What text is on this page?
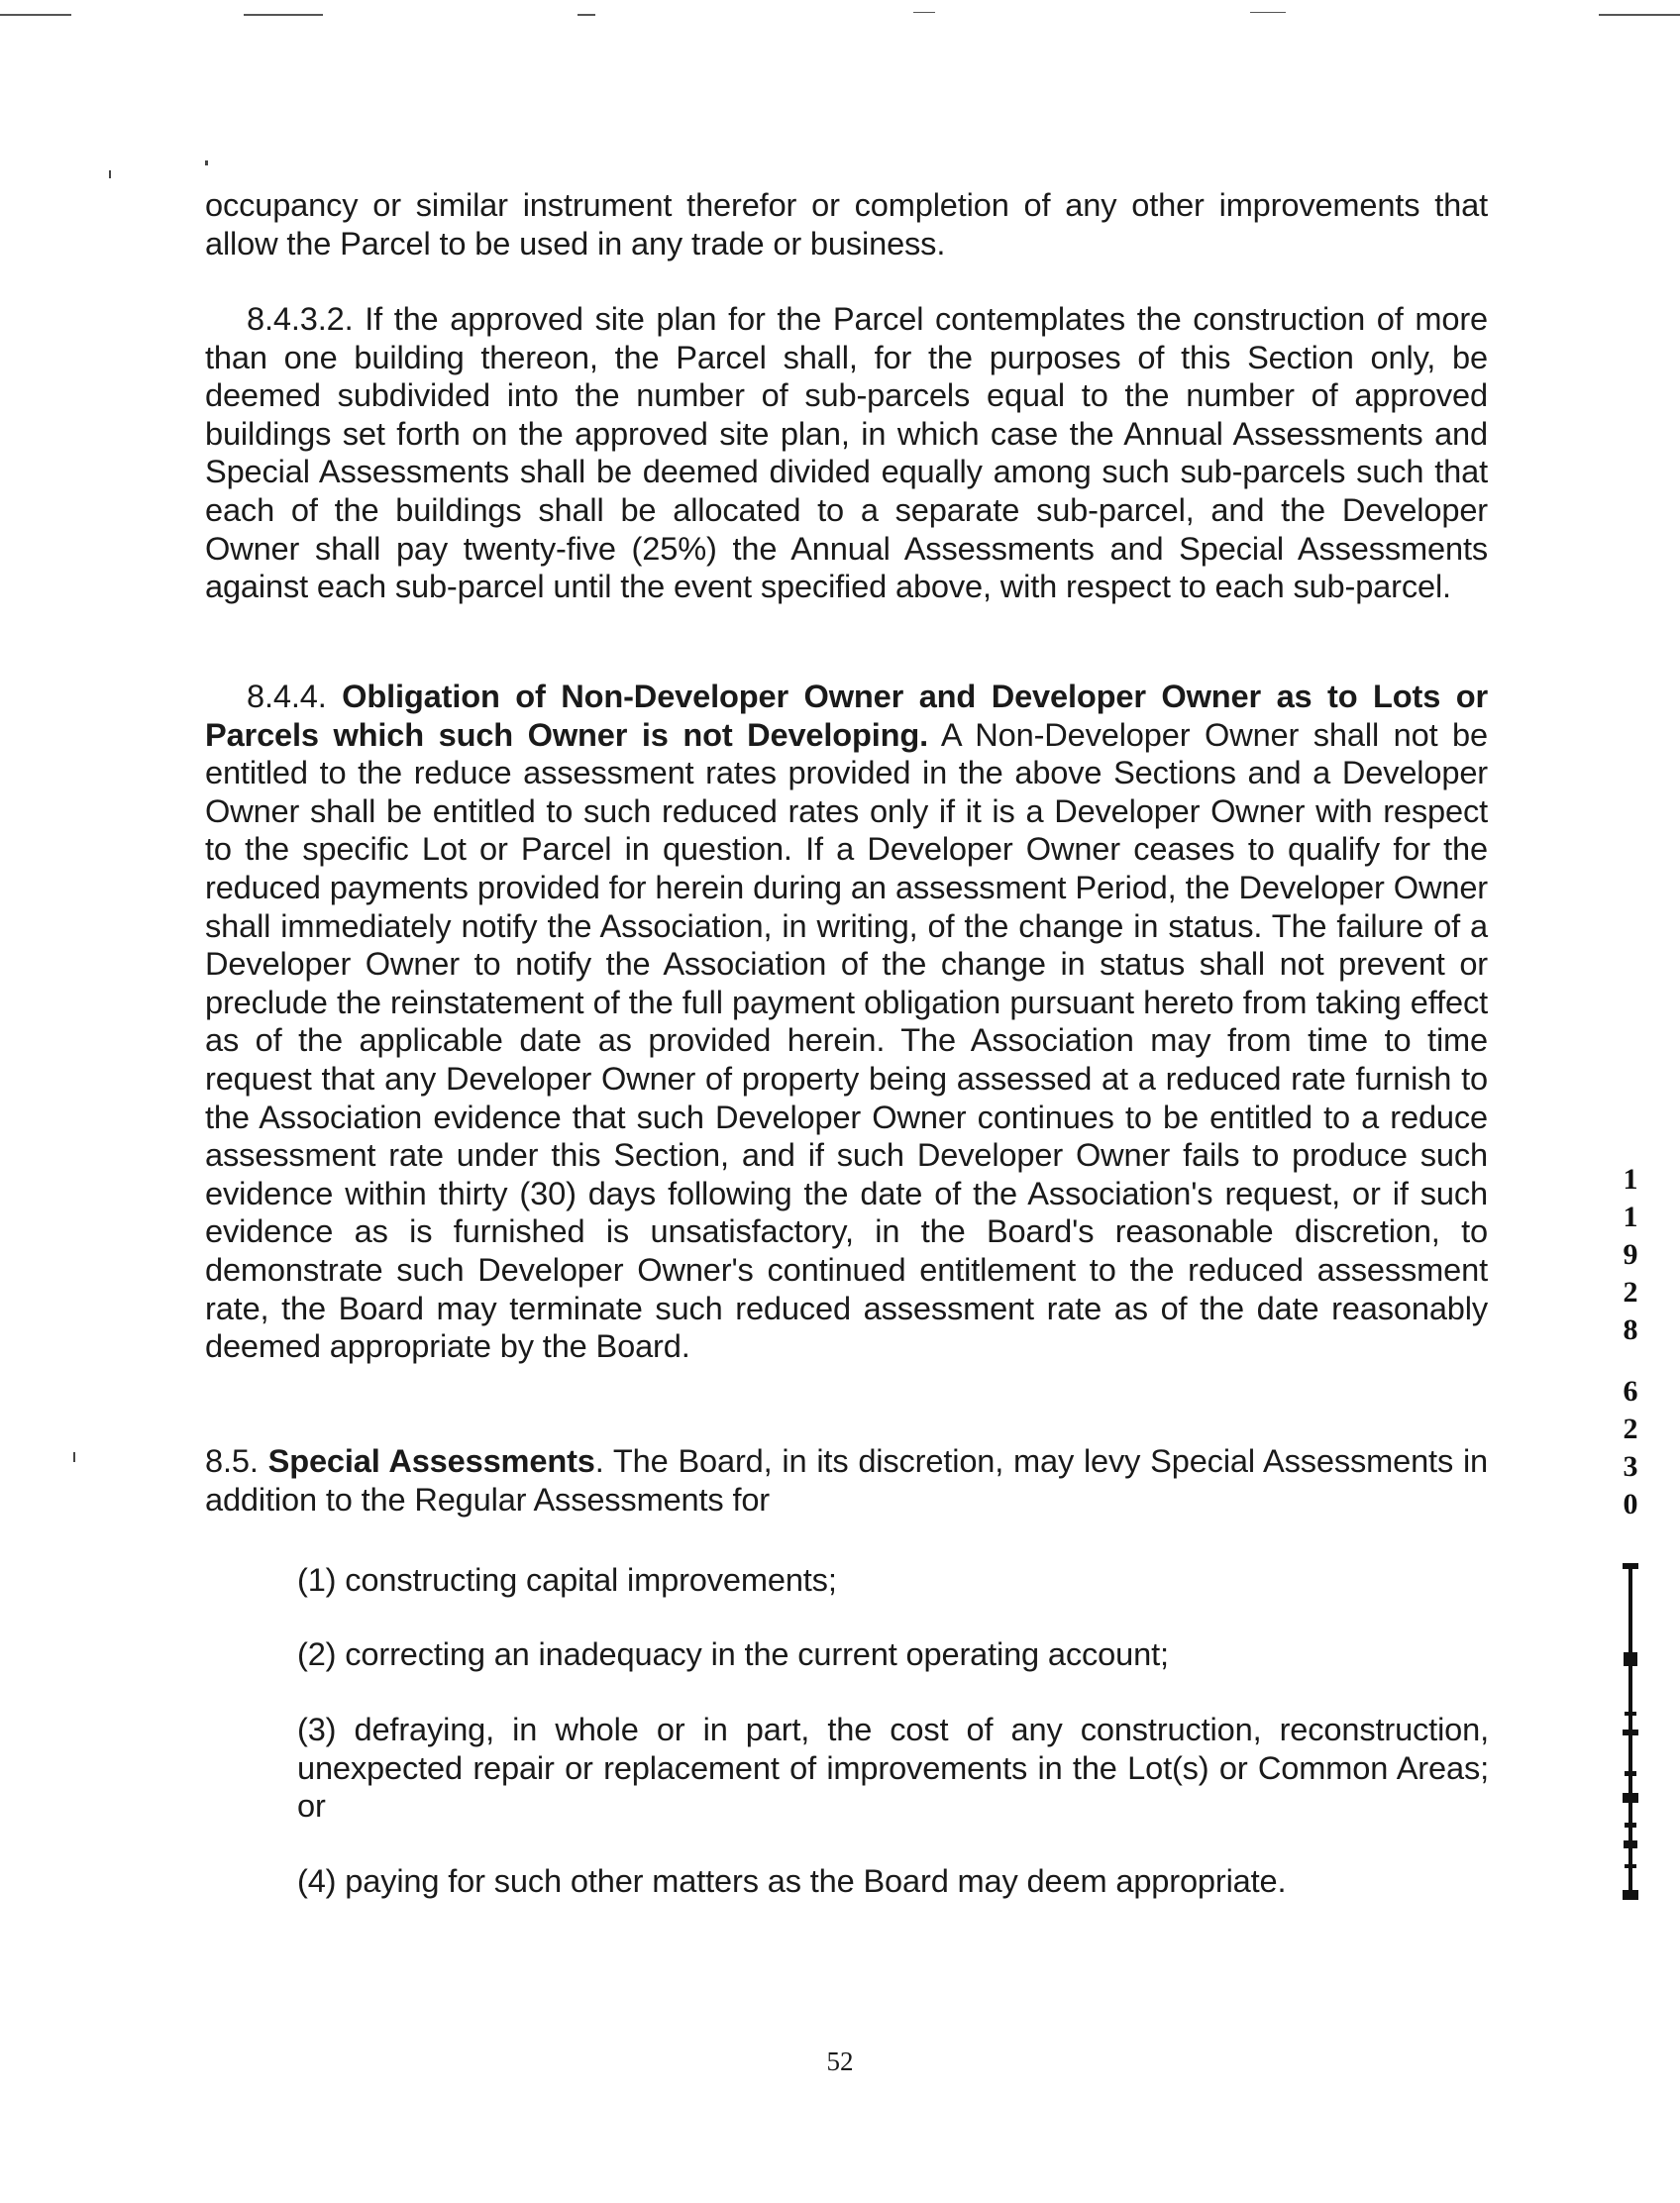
occupancy or similar instrument therefor or completion of any other improvements that allow the Parcel to be used in any trade or business.

8.4.3.2. If the approved site plan for the Parcel contemplates the construction of more than one building thereon, the Parcel shall, for the purposes of this Section only, be deemed subdivided into the number of sub-parcels equal to the number of approved buildings set forth on the approved site plan, in which case the Annual Assessments and Special Assessments shall be deemed divided equally among such sub-parcels such that each of the buildings shall be allocated to a separate sub-parcel, and the Developer Owner shall pay twenty-five (25%) the Annual Assessments and Special Assessments against each sub-parcel until the event specified above, with respect to each sub-parcel.

8.4.4. Obligation of Non-Developer Owner and Developer Owner as to Lots or Parcels which such Owner is not Developing. A Non-Developer Owner shall not be entitled to the reduce assessment rates provided in the above Sections and a Developer Owner shall be entitled to such reduced rates only if it is a Developer Owner with respect to the specific Lot or Parcel in question. If a Developer Owner ceases to qualify for the reduced payments provided for herein during an assessment Period, the Developer Owner shall immediately notify the Association, in writing, of the change in status. The failure of a Developer Owner to notify the Association of the change in status shall not prevent or preclude the reinstatement of the full payment obligation pursuant hereto from taking effect as of the applicable date as provided herein. The Association may from time to time request that any Developer Owner of property being assessed at a reduced rate furnish to the Association evidence that such Developer Owner continues to be entitled to a reduce assessment rate under this Section, and if such Developer Owner fails to produce such evidence within thirty (30) days following the date of the Association's request, or if such evidence as is furnished is unsatisfactory, in the Board's reasonable discretion, to demonstrate such Developer Owner's continued entitlement to the reduced assessment rate, the Board may terminate such reduced assessment rate as of the date reasonably deemed appropriate by the Board.

8.5. Special Assessments. The Board, in its discretion, may levy Special Assessments in addition to the Regular Assessments for

(1) constructing capital improvements;
(2) correcting an inadequacy in the current operating account;
(3) defraying, in whole or in part, the cost of any construction, reconstruction, unexpected repair or replacement of improvements in the Lot(s) or Common Areas; or
(4) paying for such other matters as the Board may deem appropriate.
52
1
1
9
2
8
6
2
3
0
